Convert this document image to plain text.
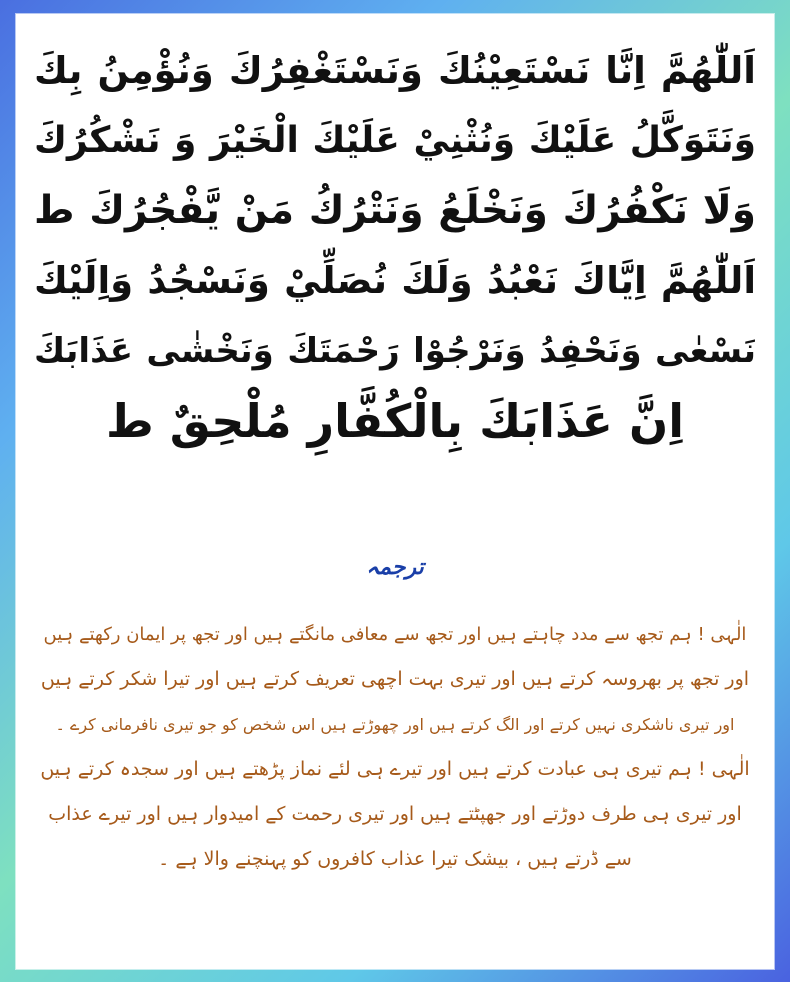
اَللّٰهُمَّ اِنَّا نَسْتَعِيْنُكَ وَنَسْتَغْفِرُكَ وَنُؤْمِنُ بِكَ

وَنَتَوَكَّلُ عَلَيْكَ وَنُثْنِيْ عَلَيْكَ الْخَيْرَ وَ نَشْكُرُكَ

وَلَا نَكْفُرُكَ وَنَخْلَعُ وَنَتْرُكُ مَنْ يَّفْجُرُكَ ط

اَللّٰهُمَّ اِيَّاكَ نَعْبُدُ وَلَكَ نُصَلِّيْ وَنَسْجُدُ وَاِلَيْكَ

نَسْعٰى وَنَحْفِدُ وَنَرْجُوْا رَحْمَتَكَ وَنَخْشٰى عَذَابَكَ

اِنَّ عَذَابَكَ بِالْكُفَّارِ مُلْحِقٌ ط

ترجمہ

الٰہی ! ہم تجھ سے مدد چاہتے ہیں اور تجھ سے معافی مانگتے ہیں اور تجھ پر ایمان رکھتے ہیں

اور تجھ پر بھروسہ کرتے ہیں اور تیری بہت اچھی تعریف کرتے ہیں اور تیرا شکر کرتے ہیں

اور تیری ناشکری نہیں کرتے اور الگ کرتے ہیں اور چھوڑتے ہیں اس شخص کو جو تیری نافرمانی کرے ۔

الٰہی ! ہم تیری ہی عبادت کرتے ہیں اور تیرے ہی لئے نماز پڑھتے ہیں اور سجدہ کرتے ہیں

اور تیری ہی طرف دوڑتے اور جھپٹتے ہیں اور تیری رحمت کے امیدوار ہیں اور تیرے عذاب

سے ڈرتے ہیں ، بیشک تیرا عذاب کافروں کو پہنچنے والا ہے ۔
